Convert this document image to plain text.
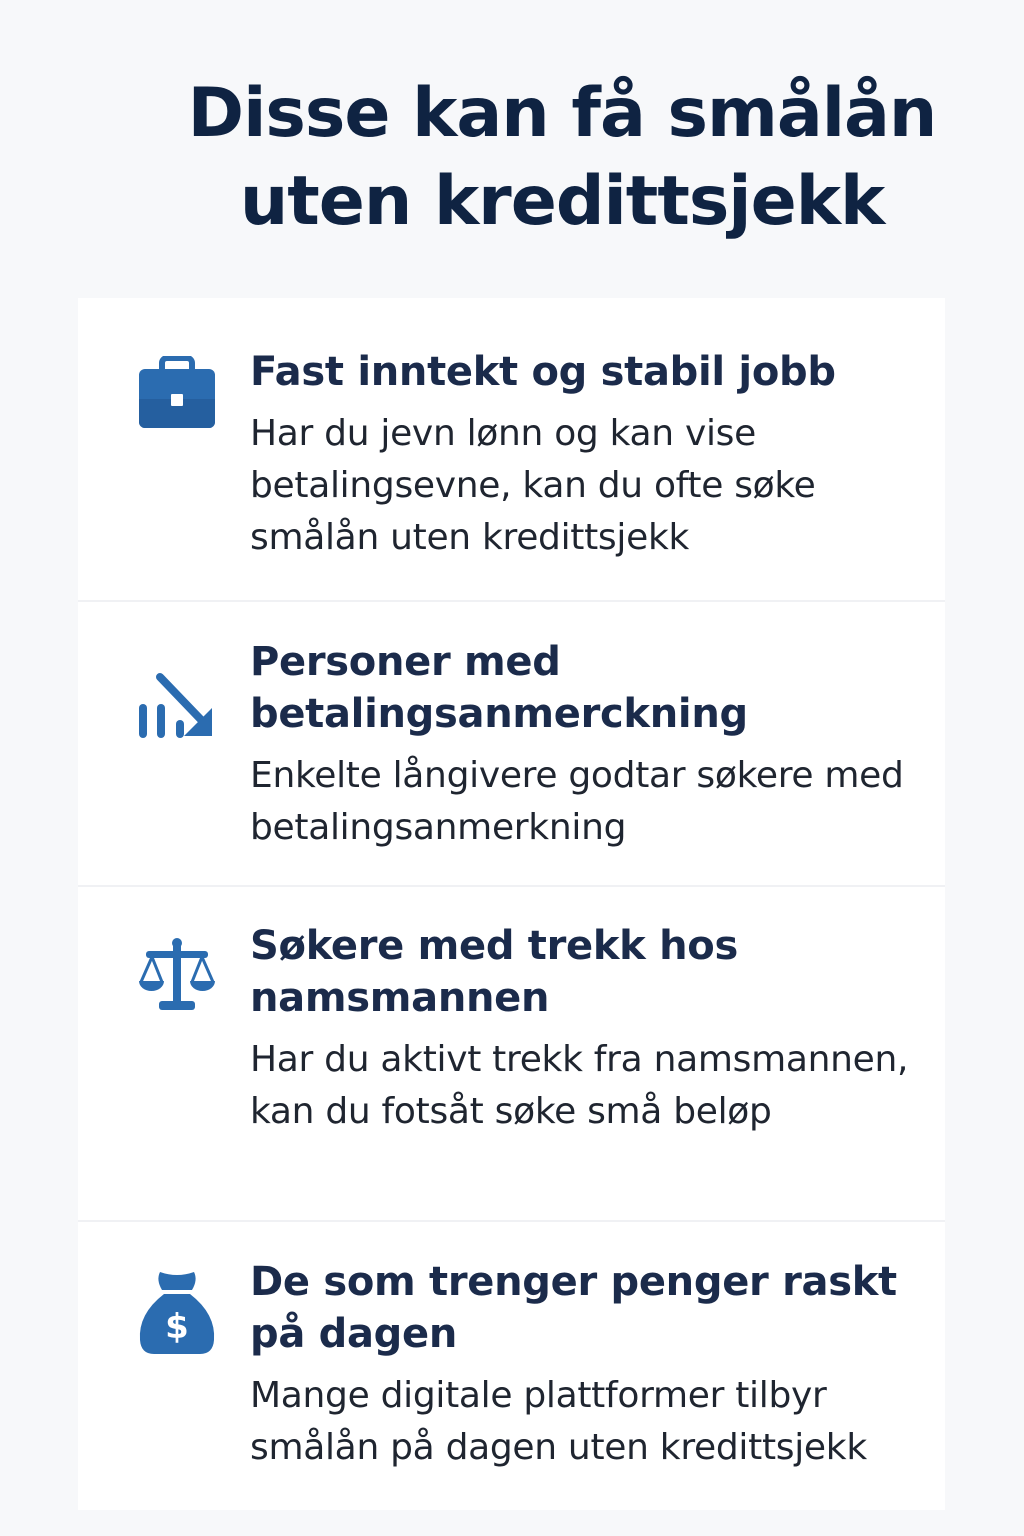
Disse kan få smålån
uten kredittsjekk
Fast inntekt og stabil jobb
Har du jevn lønn og kan vise betalingsevne, kan du ofte søke smålån uten kredittsjekk
Personer med betalingsanmerckning
Enkelte långivere godtar søkere med betalingsanmerkning
Søkere med trekk hos namsmannen
Har du aktivt trekk fra namsmannen, kan du fotsåt søke små beløp
$
De som trenger penger raskt på dagen
Mange digitale plattformer tilbyr smålån på dagen uten kredittsjekk
